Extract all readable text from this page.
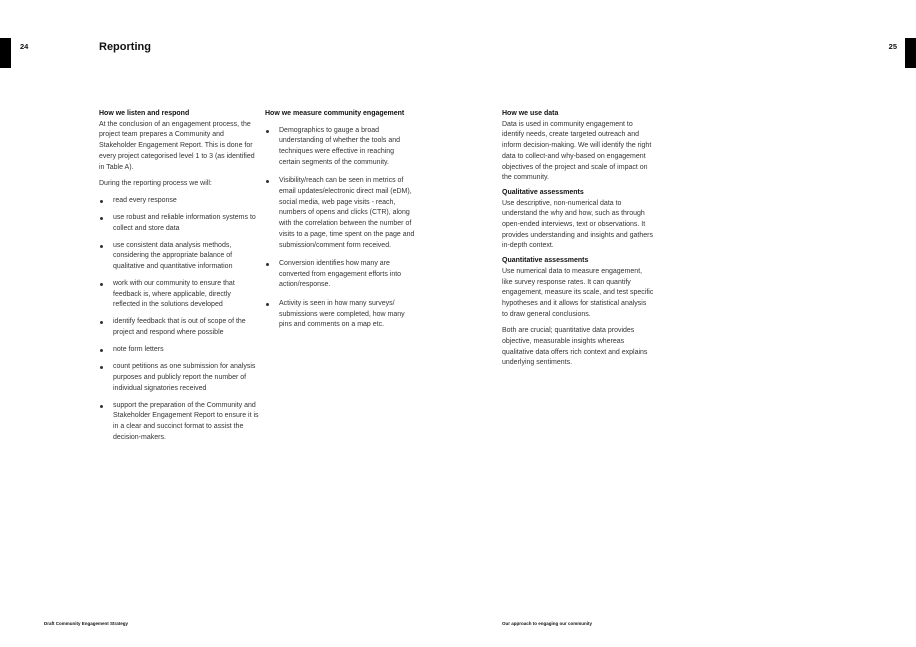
24	25
Reporting

How we listen and respond

At the conclusion of an engagement process, the project team prepares a Community and Stakeholder Engagement Report. This is done for every project categorised level 1 to 3 (as identified in Table A).

During the reporting process we will:

read every response
use robust and reliable information systems to collect and store data
use consistent data analysis methods, considering the appropriate balance of qualitative and quantitative information
work with our community to ensure that feedback is, where applicable, directly reflected in the solutions developed
identify feedback that is out of scope of the project and respond where possible
note form letters
count petitions as one submission for analysis purposes and publicly report the number of individual signatories received
support the preparation of the Community and Stakeholder Engagement Report to ensure it is in a clear and succinct format to assist the decision-makers.

How we measure community engagement

Demographics to gauge a broad understanding of whether the tools and techniques were effective in reaching certain segments of the community.
Visibility/reach can be seen in metrics of email updates/electronic direct mail (eDM), social media, web page visits - reach, numbers of opens and clicks (CTR), along with the correlation between the number of visits to a page, time spent on the page and submission/comment form received.
Conversion identifies how many are converted from engagement efforts into action/response.
Activity is seen in how many surveys/ submissions were completed, how many pins and comments on a map etc.

How we use data

Data is used in community engagement to identify needs, create targeted outreach and inform decision-making. We will identify the right data to collect-and why-based on engagement objectives of the project and scale of impact on the community.

Qualitative assessments

Use descriptive, non-numerical data to understand the why and how, such as through open-ended interviews, text or observations. It provides understanding and insights and gathers in-depth context.

Quantitative assessments

Use numerical data to measure engagement, like survey response rates. It can quantify engagement, measure its scale, and test specific hypotheses and it allows for statistical analysis to draw general conclusions.

Both are crucial; quantitative data provides objective, measurable insights whereas qualitative data offers rich context and explains underlying sentiments.

Draft Community Engagement Strategy	Our approach to engaging our community
